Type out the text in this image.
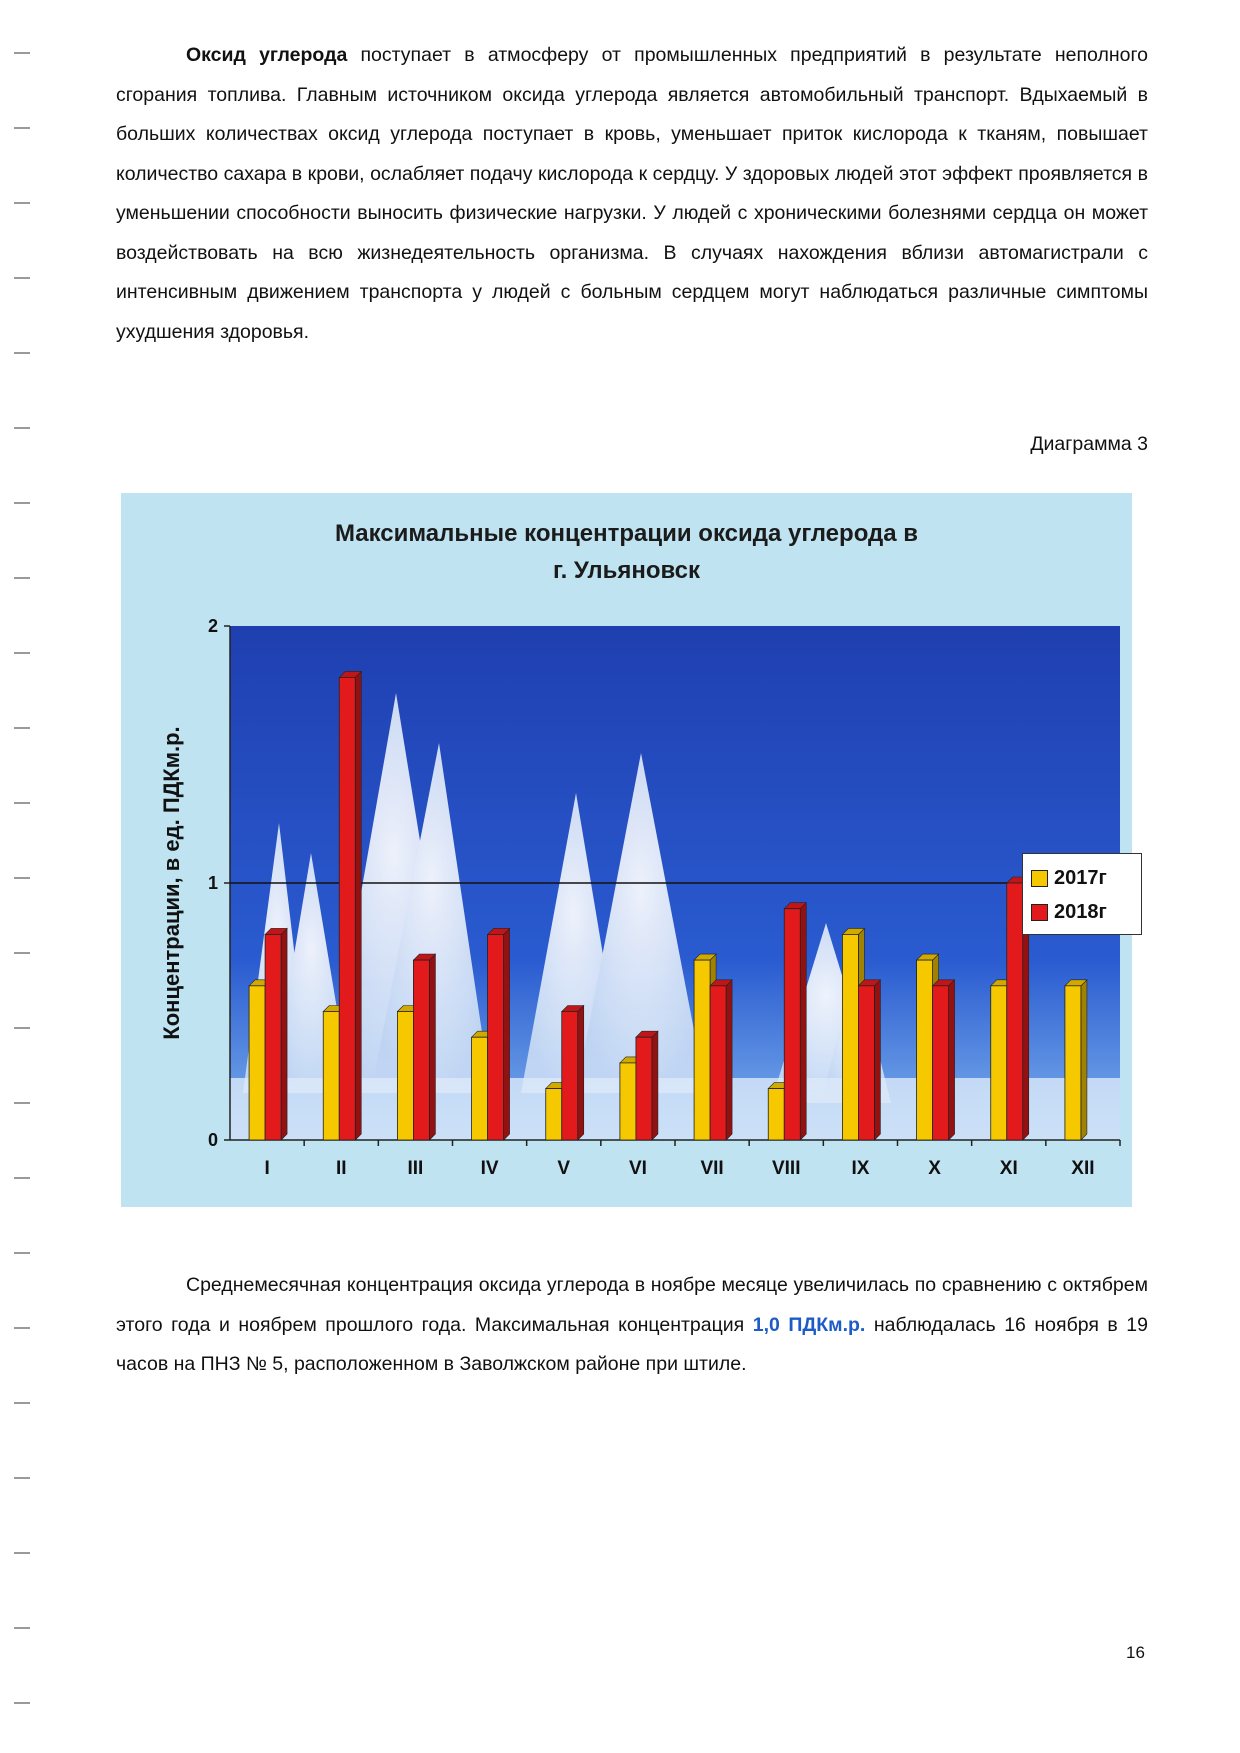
Оксид углерода поступает в атмосферу от промышленных предприятий в результате неполного сгорания топлива. Главным источником оксида углерода является автомобильный транспорт. Вдыхаемый в больших количествах оксид углерода поступает в кровь, уменьшает приток кислорода к тканям, повышает количество сахара в крови, ослабляет подачу кислорода к сердцу. У здоровых людей этот эффект проявляется в уменьшении способности выносить физические нагрузки. У людей с хроническими болезнями сердца он может воздействовать на всю жизнедеятельность организма. В случаях нахождения вблизи автомагистрали с интенсивным движением транспорта у людей с больным сердцем могут наблюдаться различные симптомы ухудшения здоровья.

Диаграмма 3

Максимальные концентрации оксида углерода в
г. Ульяновск
0
1
2
I	II	III	IV	V	VI	VII	VIII	IX	X	XI	XII
Концентрации, в ед. ПДКм.р.	2017г
2018г

Среднемесячная концентрация оксида углерода в ноябре месяце увеличилась по сравнению с октябрем этого года и ноябрем прошлого года. Максимальная концентрация 1,0 ПДКм.р. наблюдалась 16 ноября в 19 часов на ПНЗ № 5, расположенном в Заволжском районе при штиле.

16
